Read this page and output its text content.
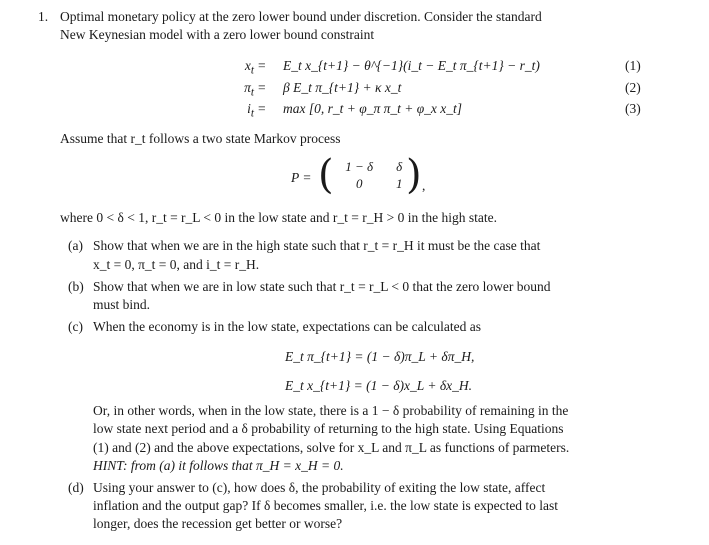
1. Optimal monetary policy at the zero lower bound under discretion. Consider the standard
New Keynesian model with a zero lower bound constraint
$x_t$ = E_t x_{t+1} − θ^{−1}(i_t − E_t π_{t+1} − r_t)	(1)
$\pi_t = \beta$ E_t π_{t+1} + κ x_t	(2)
$i_t = \max [0$, r_t + φ_π π_t + φ_x x_t]	(3)
Assume that r_t follows a two state Markov process
P = ( 1 − δ	δ
0	1 ) ,
where 0 < δ < 1, r_t = r_L < 0 in the low state and r_t = r_H > 0 in the high state.
(a) Show that when we are in the high state such that r_t = r_H it must be the case that
x_t = 0, π_t = 0, and i_t = r_H.
(b) Show that when we are in low state such that r_t = r_L < 0 that the zero lower bound
must bind.
(c) When the economy is in the low state, expectations can be calculated as
E_t π_{t+1} = (1 − δ)π_L + δπ_H,
E_t x_{t+1} = (1 − δ)x_L + δx_H.
Or, in other words, when in the low state, there is a 1 − δ probability of remaining in the
low state next period and a δ probability of returning to the high state. Using Equations
(1) and (2) and the above expectations, solve for x_L and π_L as functions of parmeters.
HINT: from (a) it follows that π_H = x_H = 0.
(d) Using your answer to (c), how does δ, the probability of exiting the low state, affect
inflation and the output gap? If δ becomes smaller, i.e. the low state is expected to last
longer, does the recession get better or worse?
